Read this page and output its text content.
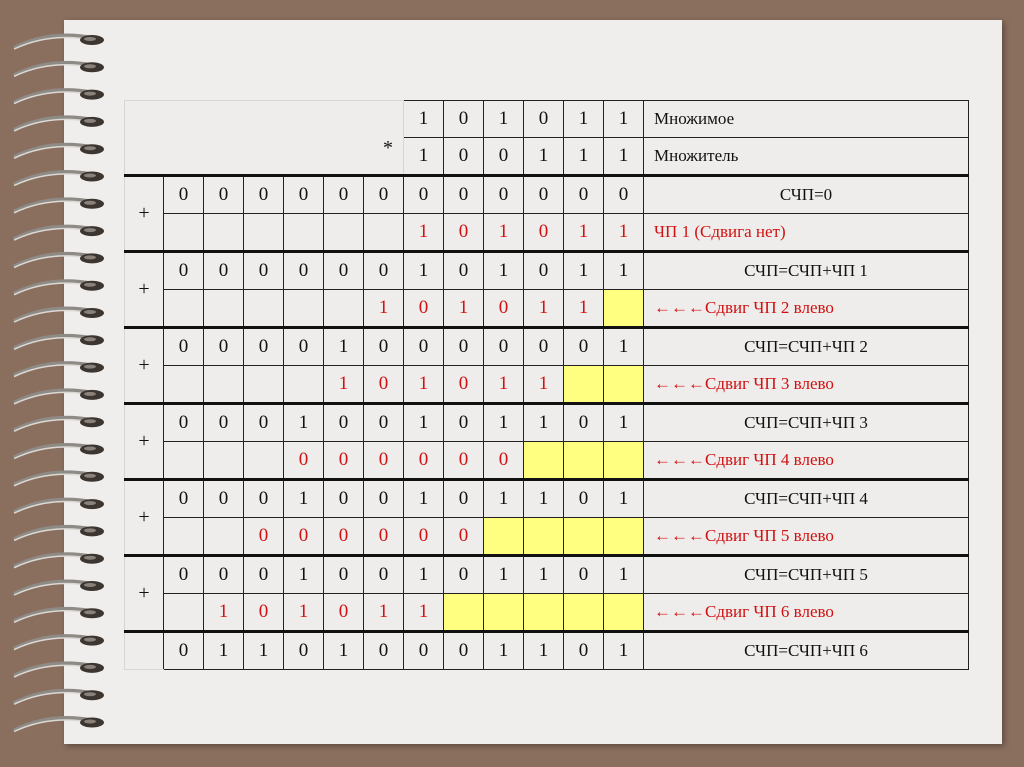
*							1	0	1	0	1	1	Множимое
							1	0	0	1	1	1	Множитель
+	0	0	0	0	0	0	0	0	0	0	0	0	СЧП=0
							1	0	1	0	1	1	ЧП 1 (Сдвига нет)
+	0	0	0	0	0	0	1	0	1	0	1	1	СЧП=СЧП+ЧП 1
						1	0	1	0	1	1		←←←Сдвиг ЧП 2 влево
+	0	0	0	0	1	0	0	0	0	0	0	1	СЧП=СЧП+ЧП 2
					1	0	1	0	1	1			←←←Сдвиг ЧП 3 влево
+	0	0	0	1	0	0	1	0	1	1	0	1	СЧП=СЧП+ЧП 3
				0	0	0	0	0	0				←←←Сдвиг ЧП 4 влево
+	0	0	0	1	0	0	1	0	1	1	0	1	СЧП=СЧП+ЧП 4
			0	0	0	0	0	0					←←←Сдвиг ЧП 5 влево
+	0	0	0	1	0	0	1	0	1	1	0	1	СЧП=СЧП+ЧП 5
		1	0	1	0	1	1						←←←Сдвиг ЧП 6 влево
	0	1	1	0	1	0	0	0	1	1	0	1	СЧП=СЧП+ЧП 6
